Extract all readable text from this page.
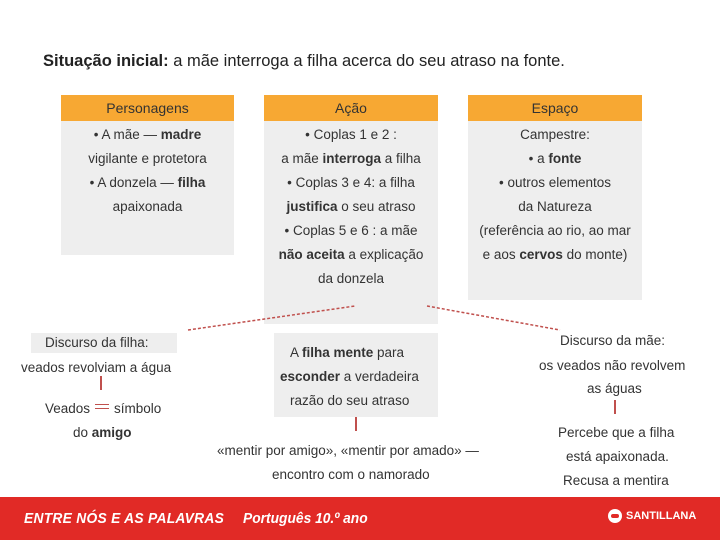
Situação inicial: a mãe interroga a filha acerca do seu atraso na fonte.
Personagens
• A mãe — madre
vigilante e protetora
• A donzela — filha
apaixonada
Ação
• Coplas 1 e 2 :
a mãe interroga a filha
• Coplas 3 e 4: a filha
justifica o seu atraso
• Coplas 5 e 6 : a mãe
não aceita a explicação
da donzela
Espaço
Campestre:
• a fonte
• outros elementos
da Natureza
(referência ao rio, ao mar
e aos cervos do monte)
Discurso da filha:
veados revolviam a água
Veados símbolo
do amigo
A filha mente para
esconder a verdadeira
razão do seu atraso
«mentir por amigo», «mentir por amado» —
encontro com o namorado
Discurso da mãe:
os veados não revolvem
as águas
Percebe que a filha
está apaixonada.
Recusa a mentira
ENTRE NÓS E AS PALAVRAS Português 10.º ano	SANTILLANA
